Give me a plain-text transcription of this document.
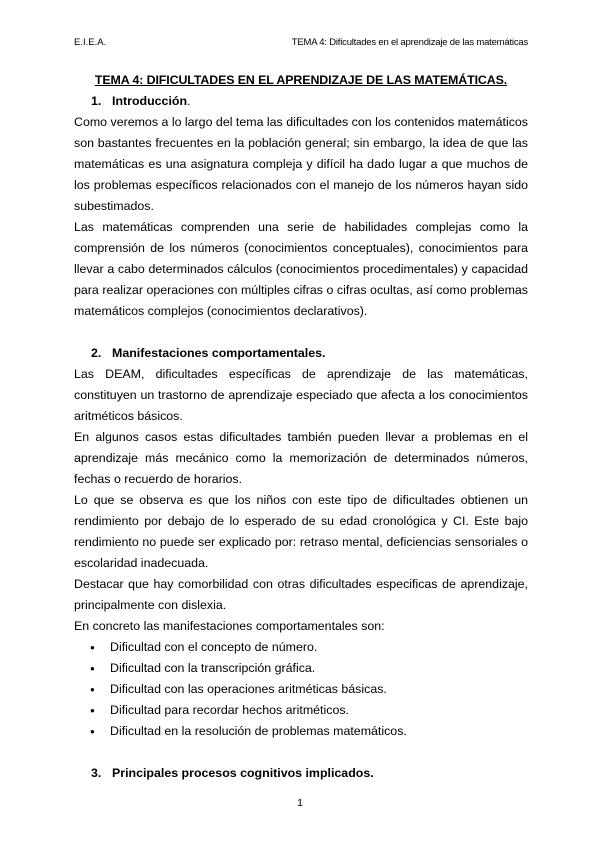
E.I.E.A.	TEMA 4: Dificultades en el aprendizaje de las matemáticas

TEMA 4: DIFICULTADES EN EL APRENDIZAJE DE LAS MATEMÁTICAS.

1. Introducción.

Como veremos a lo largo del tema las dificultades con los contenidos matemáticos son bastantes frecuentes en la población general; sin embargo, la idea de que las matemáticas es una asignatura compleja y difícil ha dado lugar a que muchos de los problemas específicos relacionados con el manejo de los números hayan sido subestimados.

Las matemáticas comprenden una serie de habilidades complejas como la comprensión de los números (conocimientos conceptuales), conocimientos para llevar a cabo determinados cálculos (conocimientos procedimentales) y capacidad para realizar operaciones con múltiples cifras o cifras ocultas, así como problemas matemáticos complejos (conocimientos declarativos).

2. Manifestaciones comportamentales.

Las DEAM, dificultades específicas de aprendizaje de las matemáticas, constituyen un trastorno de aprendizaje especiado que afecta a los conocimientos aritméticos básicos.

En algunos casos estas dificultades también pueden llevar a problemas en el aprendizaje más mecánico como la memorización de determinados números, fechas o recuerdo de horarios.

Lo que se observa es que los niños con este tipo de dificultades obtienen un rendimiento por debajo de lo esperado de su edad cronológica y CI. Este bajo rendimiento no puede ser explicado por: retraso mental, deficiencias sensoriales o escolaridad inadecuada.

Destacar que hay comorbilidad con otras dificultades especificas de aprendizaje, principalmente con dislexia.

En concreto las manifestaciones comportamentales son:

● Dificultad con el concepto de número.
● Dificultad con la transcripción gráfica.
● Dificultad con las operaciones aritméticas básicas.
● Dificultad para recordar hechos aritméticos.
● Dificultad en la resolución de problemas matemáticos.
3. Principales procesos cognitivos implicados.
1
